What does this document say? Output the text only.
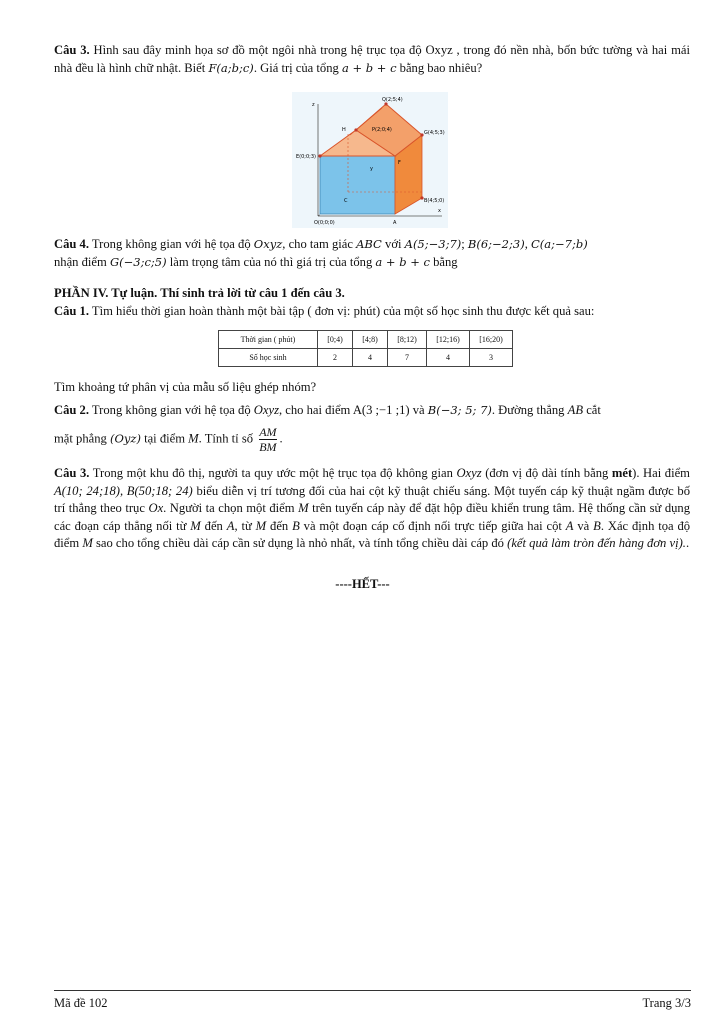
Câu 3. Hình sau đây minh họa sơ đồ một ngôi nhà trong hệ trục tọa độ Oxyz , trong đó nền nhà, bốn bức tường và hai mái nhà đều là hình chữ nhật. Biết F(a;b;c). Giá trị của tổng a + b + c bằng bao nhiêu?
z
x
y
Q(2;5;4)
H	P(2;0;4)	G(4;5;3)
E(0;0;3)
F
C	B(4;5;0)
O(0;0;0)	A
Câu 4. Trong không gian với hệ tọa độ Oxyz, cho tam giác ABC với A(5;−3;7); B(6;−2;3), C(a;−7;b)
nhận điểm G(−3;c;5) làm trọng tâm của nó thì giá trị của tổng a + b + c bằng
PHẦN IV. Tự luận. Thí sinh trả lời từ câu 1 đến câu 3.
Câu 1. Tìm hiểu thời gian hoàn thành một bài tập ( đơn vị: phút) của một số học sinh thu được kết quả sau:
Thời gian ( phút)	[0;4)	[4;8)	[8;12)	[12;16)	[16;20)
Số học sinh	2	4	7	4	3
Tìm khoảng tứ phân vị của mẫu số liệu ghép nhóm?
Câu 2. Trong không gian với hệ tọa độ Oxyz, cho hai điểm A(3 ;−1 ;1) và B(−3; 5; 7). Đường thẳng AB cắt
mặt phẳng (Oyz) tại điểm M. Tính tỉ số $\frac{AM}{BM}$ .
Câu 3. Trong một khu đô thị, người ta quy ước một hệ trục tọa độ không gian Oxyz (đơn vị độ dài tính bằng mét). Hai điểm A(10; 24;18), B(50;18; 24) biểu diễn vị trí tương đối của hai cột kỹ thuật chiếu sáng. Một tuyến cáp kỹ thuật ngầm được bố trí thẳng theo trục Ox. Người ta chọn một điểm M trên tuyến cáp này để đặt hộp điều khiển trung tâm. Hệ thống cần sử dụng các đoạn cáp thẳng nối từ M đến A, từ M đến B và một đoạn cáp cố định nối trực tiếp giữa hai cột A và B. Xác định tọa độ điểm M sao cho tổng chiều dài cáp cần sử dụng là nhỏ nhất, và tính tổng chiều dài cáp đó (kết quả làm tròn đến hàng đơn vị)..
----HẾT---
Mã đề 102	Trang 3/3
